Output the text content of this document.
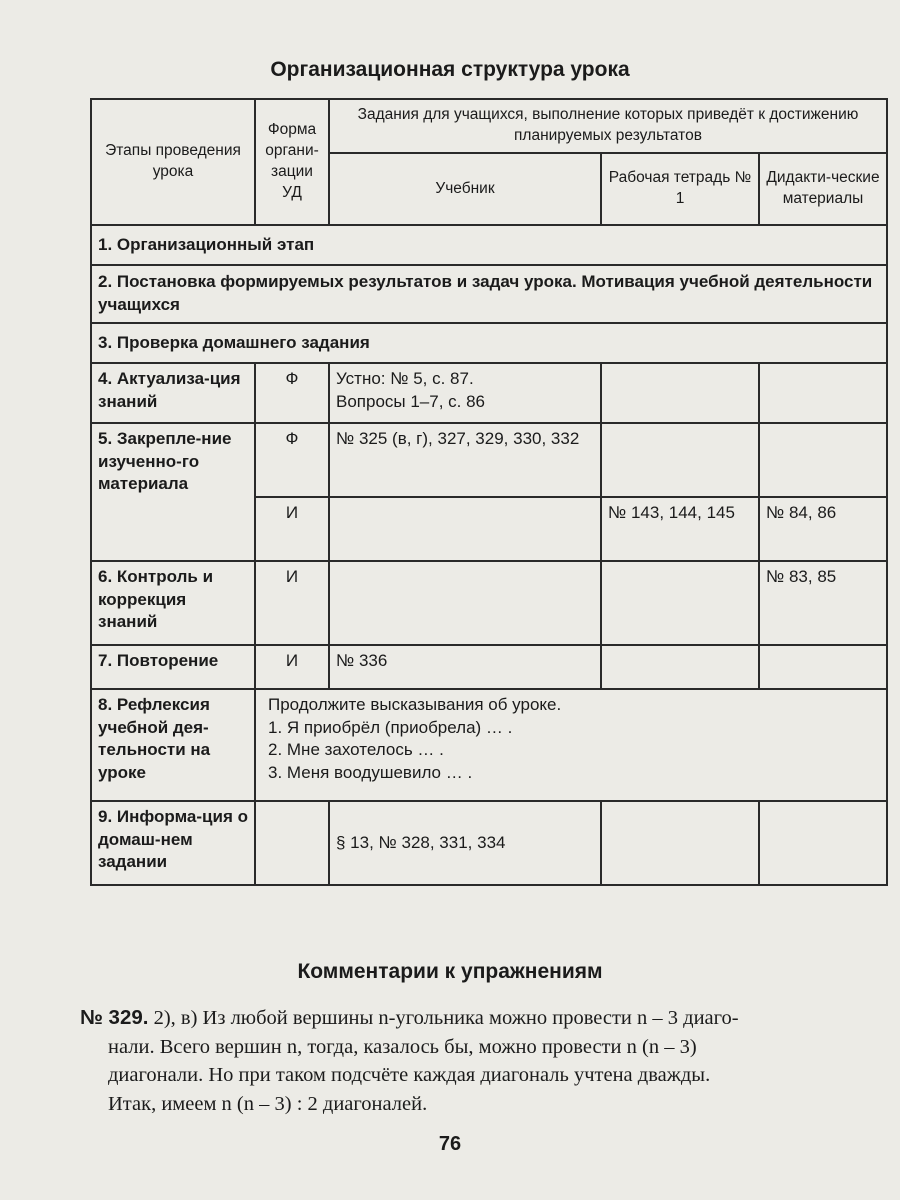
Организационная структура урока
Этапы проведения урока	Форма органи-зации УД	Задания для учащихся, выполнение которых приведёт к достижению планируемых результатов		
		Учебник	Рабочая тетрадь № 1	Дидакти-ческие материалы
1. Организационный этап				
2. Постановка формируемых результатов и задач урока. Мотивация учебной деятельности учащихся				
3. Проверка домашнего задания				
4. Актуализа-ция знаний	Ф	Устно: № 5, с. 87.
Вопросы 1–7, с. 86		

5. Закрепле-ние изученно-го материала	Ф	№ 325 (в, г), 327, 329, 330, 332		
	И		№ 143, 144, 145	№ 84, 86
6. Контроль и коррекция знаний	И			№ 83, 85
7. Повторение	И	№ 336		
8. Рефлексия учебной дея-тельности на уроке	Продолжите высказывания об уроке.
1. Я приобрёл (приобрела) … .
2. Мне захотелось … .
3. Меня воодушевило … .			

9. Информа-ция о домаш-нем задании		§ 13, № 328, 331, 334		
Комментарии к упражнениям
№ 329. 2), в) Из любой вершины n-угольника можно провести n – 3 диаго-
нали. Всего вершин n, тогда, казалось бы, можно провести n (n – 3)
диагонали. Но при таком подсчёте каждая диагональ учтена дважды.
Итак, имеем n (n – 3) : 2 диагоналей.
76
